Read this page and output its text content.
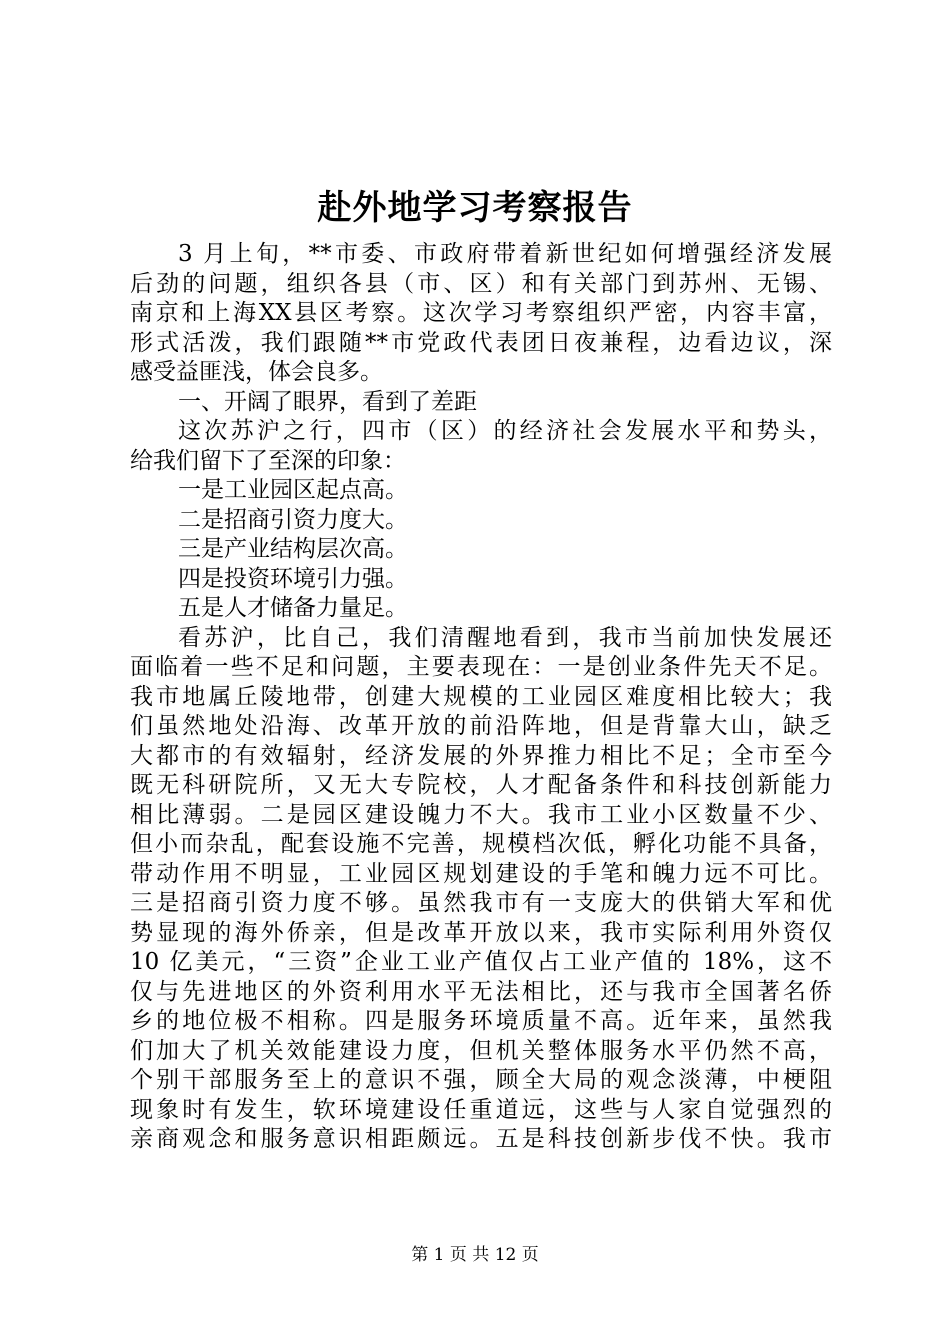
赴外地学习考察报告
3 月上旬，**市委、市政府带着新世纪如何增强经济发展
后劲的问题，组织各县（市、区）和有关部门到苏州、无锡、
南京和上海XX县区考察。这次学习考察组织严密，内容丰富，
形式活泼，我们跟随**市党政代表团日夜兼程，边看边议，深
感受益匪浅，体会良多。
一、开阔了眼界，看到了差距
这次苏沪之行，四市（区）的经济社会发展水平和势头，
给我们留下了至深的印象：
一是工业园区起点高。
二是招商引资力度大。
三是产业结构层次高。
四是投资环境引力强。
五是人才储备力量足。
看苏沪，比自己，我们清醒地看到，我市当前加快发展还
面临着一些不足和问题，主要表现在：一是创业条件先天不足。
我市地属丘陵地带，创建大规模的工业园区难度相比较大；我
们虽然地处沿海、改革开放的前沿阵地，但是背靠大山，缺乏
大都市的有效辐射，经济发展的外界推力相比不足；全市至今
既无科研院所，又无大专院校，人才配备条件和科技创新能力
相比薄弱。二是园区建设魄力不大。我市工业小区数量不少、
但小而杂乱，配套设施不完善，规模档次低，孵化功能不具备，
带动作用不明显，工业园区规划建设的手笔和魄力远不可比。
三是招商引资力度不够。虽然我市有一支庞大的供销大军和优
势显现的海外侨亲，但是改革开放以来，我市实际利用外资仅
10 亿美元，“三资”企业工业产值仅占工业产值的 18%，这不
仅与先进地区的外资利用水平无法相比，还与我市全国著名侨
乡的地位极不相称。四是服务环境质量不高。近年来，虽然我
们加大了机关效能建设力度，但机关整体服务水平仍然不高，
个别干部服务至上的意识不强，顾全大局的观念淡薄，中梗阻
现象时有发生，软环境建设任重道远，这些与人家自觉强烈的
亲商观念和服务意识相距颇远。五是科技创新步伐不快。我市
第 1 页 共 12 页
